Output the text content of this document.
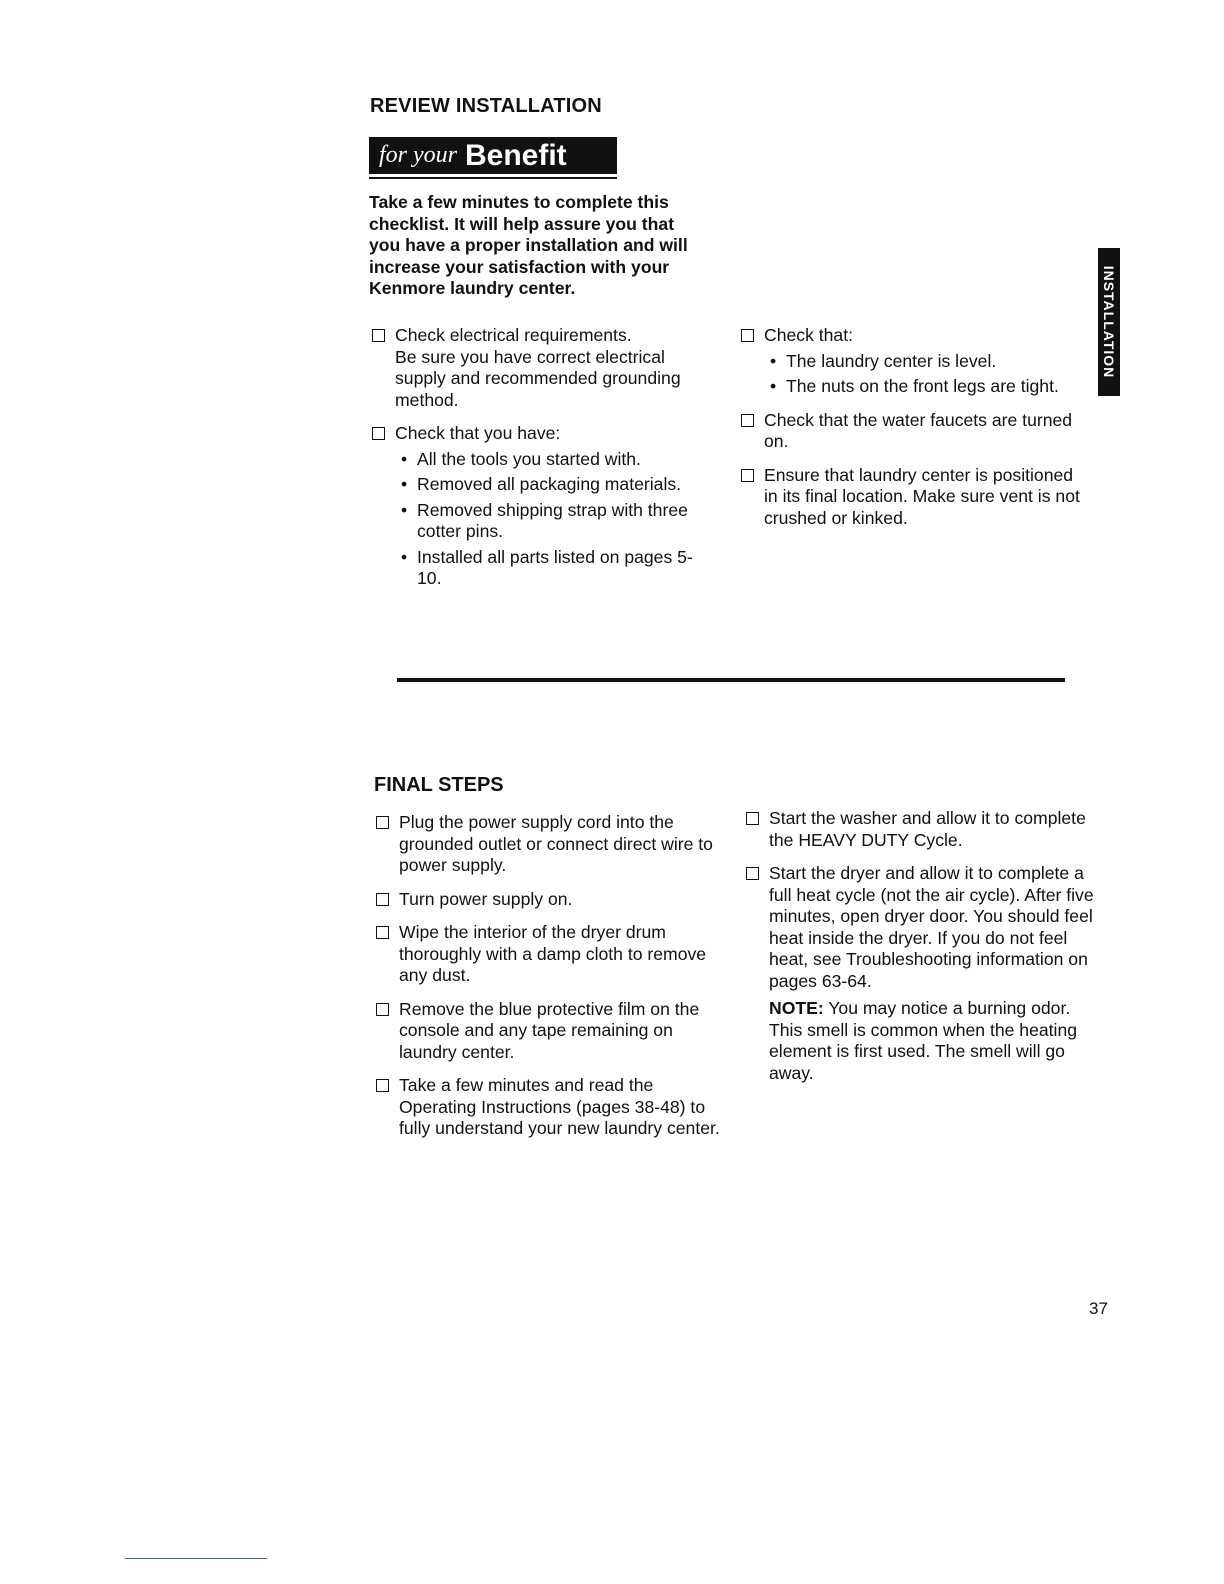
REVIEW INSTALLATION
for your Benefit
Take a few minutes to complete this checklist. It will help assure you that you have a proper installation and will increase your satisfaction with your Kenmore laundry center.
Check electrical requirements.
Be sure you have correct electrical supply and recommended grounding method.
Check that you have:
• All the tools you started with.
• Removed all packaging materials.
• Removed shipping strap with three cotter pins.
• Installed all parts listed on pages 5-10.
Check that:
• The laundry center is level.
• The nuts on the front legs are tight.
Check that the water faucets are turned on.
Ensure that laundry center is positioned in its final location. Make sure vent is not crushed or kinked.
INSTALLATION
FINAL STEPS
Plug the power supply cord into the grounded outlet or connect direct wire to power supply.
Turn power supply on.
Wipe the interior of the dryer drum thoroughly with a damp cloth to remove any dust.
Remove the blue protective film on the console and any tape remaining on laundry center.
Take a few minutes and read the Operating Instructions (pages 38-48) to fully understand your new laundry center.
Start the washer and allow it to complete the HEAVY DUTY Cycle.
Start the dryer and allow it to complete a full heat cycle (not the air cycle). After five minutes, open dryer door. You should feel heat inside the dryer. If you do not feel heat, see Troubleshooting information on pages 63-64.
NOTE: You may notice a burning odor. This smell is common when the heating element is first used. The smell will go away.
37
